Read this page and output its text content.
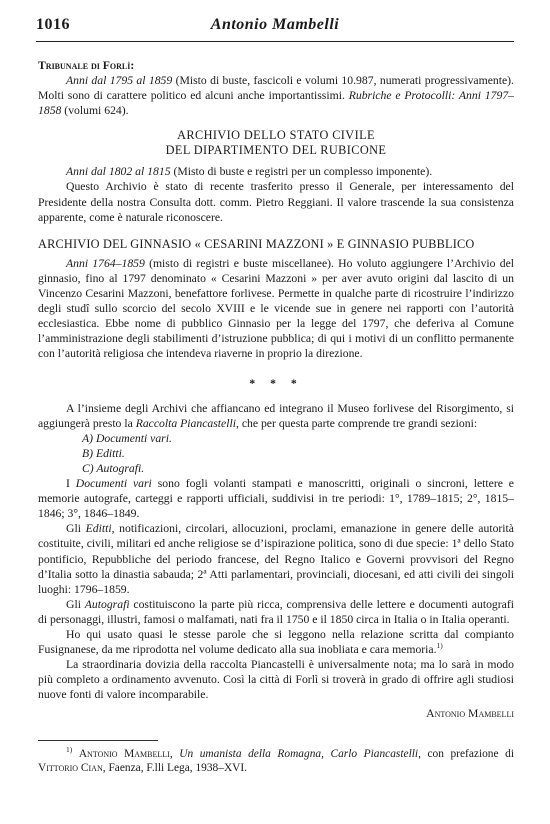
1016	Antonio Mambelli

Tribunale di Forlì:

Anni dal 1795 al 1859 (Misto di buste, fascicoli e volumi 10.987, numerati progressivamente). Molti sono di carattere politico ed alcuni anche importantissimi. Rubriche e Protocolli: Anni 1797–1858 (volumi 624).

ARCHIVIO DELLO STATO CIVILE
DEL DIPARTIMENTO DEL RUBICONE

Anni dal 1802 al 1815 (Misto di buste e registri per un complesso imponente).

Questo Archivio è stato di recente trasferito presso il Generale, per interessamento del Presidente della nostra Consulta dott. comm. Pietro Reggiani. Il valore trascende la sua consistenza apparente, come è naturale riconoscere.

ARCHIVIO DEL GINNASIO « CESARINI MAZZONI » E GINNASIO PUBBLICO

Anni 1764–1859 (misto di registri e buste miscellanee). Ho voluto aggiungere l’Archivio del ginnasio, fino al 1797 denominato « Cesarini Mazzoni » per aver avuto origini dal lascito di un Vincenzo Cesarini Mazzoni, benefattore forlivese. Permette in qualche parte di ricostruire l’indirizzo degli studî sullo scorcio del secolo XVIII e le vicende sue in genere nei rapporti con l’autorità ecclesiastica. Ebbe nome di pubblico Ginnasio per la legge del 1797, che deferiva al Comune l’amministrazione degli stabilimenti d’istruzione pubblica; di qui i motivi di un conflitto permanente con l’autorità religiosa che intendeva riaverne in proprio la direzione.

* * *

A l’insieme degli Archivi che affiancano ed integrano il Museo forlivese del Risorgimento, si aggiungerà presto la Raccolta Piancastelli, che per questa parte comprende tre grandi sezioni:

A) Documenti vari.
B) Editti.
C) Autografi.

I Documenti vari sono fogli volanti stampati e manoscritti, originali o sincroni, lettere e memorie autografe, carteggi e rapporti ufficiali, suddivisi in tre periodi: 1°, 1789–1815; 2°, 1815–1846; 3°, 1846–1849.

Gli Editti, notificazioni, circolari, allocuzioni, proclami, emanazione in genere delle autorità costituite, civili, militari ed anche religiose se d’ispirazione politica, sono di due specie: 1ª dello Stato pontificio, Repubbliche del periodo francese, del Regno Italico e Governi provvisori del Regno d’Italia sotto la dinastia sabauda; 2ª Atti parlamentari, provinciali, diocesani, ed atti civili dei singoli luoghi: 1796–1859.

Gli Autografi costituiscono la parte più ricca, comprensiva delle lettere e documenti autografi di personaggi, illustri, famosi o malfamati, nati fra il 1750 e il 1850 circa in Italia o in Italia operanti.

Ho qui usato quasi le stesse parole che si leggono nella relazione scritta dal compianto Fusignanese, da me riprodotta nel volume dedicato alla sua inobliata e cara memoria.$^{1)}$

La straordinaria dovizia della raccolta Piancastelli è universalmente nota; ma lo sarà in modo più completo a ordinamento avvenuto. Così la città di Forlì si troverà in grado di offrire agli studiosi nuove fonti di valore incomparabile.

Antonio Mambelli

$^{1)}$ Antonio Mambelli, Un umanista della Romagna, Carlo Piancastelli, con prefazione di Vittorio Cian, Faenza, F.lli Lega, 1938–XVI.
